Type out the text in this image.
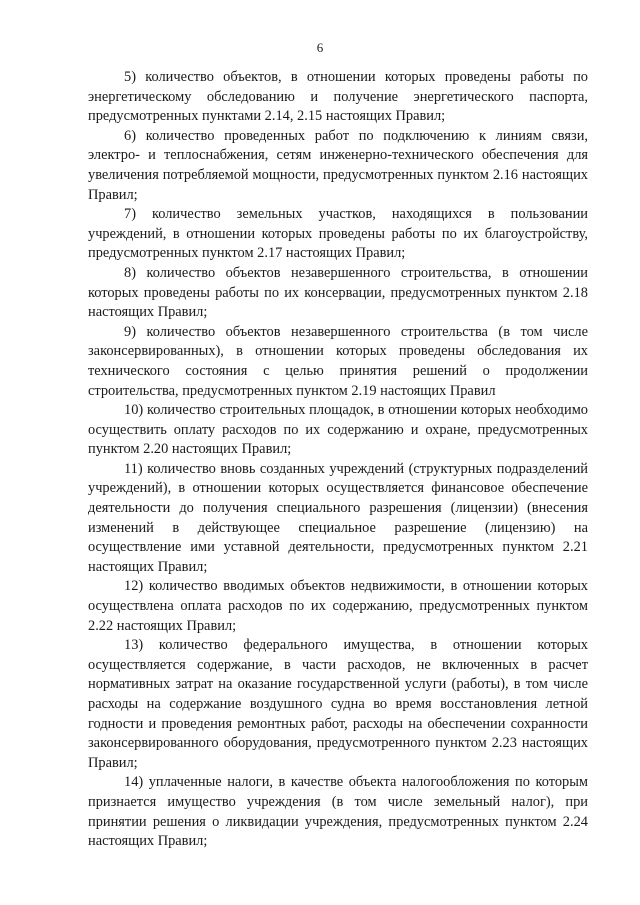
6

5) количество объектов, в отношении которых проведены работы по энергетическому обследованию и получение энергетического паспорта, предусмотренных пунктами 2.14, 2.15 настоящих Правил;

6) количество проведенных работ по подключению к линиям связи, электро- и теплоснабжения, сетям инженерно-технического обеспечения для увеличения потребляемой мощности, предусмотренных пунктом 2.16 настоящих Правил;

7) количество земельных участков, находящихся в пользовании учреждений, в отношении которых проведены работы по их благоустройству, предусмотренных пунктом 2.17 настоящих Правил;

8) количество объектов незавершенного строительства, в отношении которых проведены работы по их консервации, предусмотренных пунктом 2.18 настоящих Правил;

9) количество объектов незавершенного строительства (в том числе законсервированных), в отношении которых проведены обследования их технического состояния с целью принятия решений о продолжении строительства, предусмотренных пунктом 2.19 настоящих Правил

10) количество строительных площадок, в отношении которых необходимо осуществить оплату расходов по их содержанию и охране, предусмотренных пунктом 2.20 настоящих Правил;

11) количество вновь созданных учреждений (структурных подразделений учреждений), в отношении которых осуществляется финансовое обеспечение деятельности до получения специального разрешения (лицензии) (внесения изменений в действующее специальное разрешение (лицензию) на осуществление ими уставной деятельности, предусмотренных пунктом 2.21 настоящих Правил;

12) количество вводимых объектов недвижимости, в отношении которых осуществлена оплата расходов по их содержанию, предусмотренных пунктом 2.22 настоящих Правил;

13) количество федерального имущества, в отношении которых осуществляется содержание, в части расходов, не включенных в расчет нормативных затрат на оказание государственной услуги (работы), в том числе расходы на содержание воздушного судна во время восстановления летной годности и проведения ремонтных работ, расходы на обеспечении сохранности законсервированного оборудования, предусмотренного пунктом 2.23 настоящих Правил;

14) уплаченные налоги, в качестве объекта налогообложения по которым признается имущество учреждения (в том числе земельный налог), при принятии решения о ликвидации учреждения, предусмотренных пунктом 2.24 настоящих Правил;
